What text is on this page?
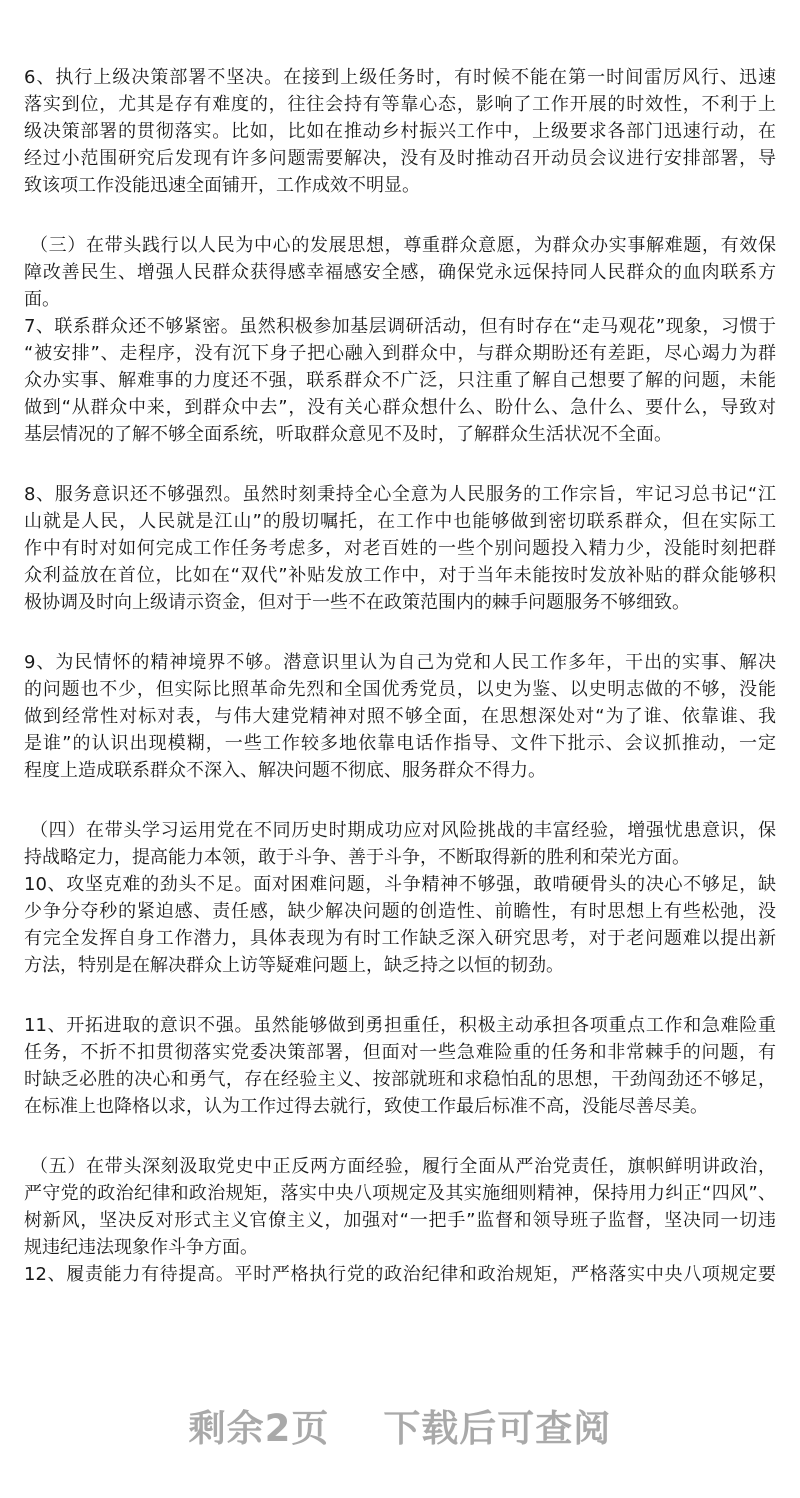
6、执行上级决策部署不坚决。在接到上级任务时，有时候不能在第一时间雷厉风行、迅速
落实到位，尤其是存有难度的，往往会持有等靠心态，影响了工作开展的时效性，不利于上
级决策部署的贯彻落实。比如，比如在推动乡村振兴工作中，上级要求各部门迅速行动，在
经过小范围研究后发现有许多问题需要解决，没有及时推动召开动员会议进行安排部署，导
致该项工作没能迅速全面铺开，工作成效不明显。
（三）在带头践行以人民为中心的发展思想，尊重群众意愿，为群众办实事解难题，有效保
障改善民生、增强人民群众获得感幸福感安全感，确保党永远保持同人民群众的血肉联系方
面。
7、联系群众还不够紧密。虽然积极参加基层调研活动，但有时存在“走马观花”现象，习惯于
“被安排”、走程序，没有沉下身子把心融入到群众中，与群众期盼还有差距，尽心竭力为群
众办实事、解难事的力度还不强，联系群众不广泛，只注重了解自己想要了解的问题，未能
做到“从群众中来，到群众中去”，没有关心群众想什么、盼什么、急什么、要什么，导致对
基层情况的了解不够全面系统，听取群众意见不及时，了解群众生活状况不全面。
8、服务意识还不够强烈。虽然时刻秉持全心全意为人民服务的工作宗旨，牢记习总书记“江
山就是人民，人民就是江山”的殷切嘱托，在工作中也能够做到密切联系群众，但在实际工
作中有时对如何完成工作任务考虑多，对老百姓的一些个别问题投入精力少，没能时刻把群
众利益放在首位，比如在“双代”补贴发放工作中，对于当年未能按时发放补贴的群众能够积
极协调及时向上级请示资金，但对于一些不在政策范围内的棘手问题服务不够细致。
9、为民情怀的精神境界不够。潜意识里认为自己为党和人民工作多年，干出的实事、解决
的问题也不少，但实际比照革命先烈和全国优秀党员，以史为鉴、以史明志做的不够，没能
做到经常性对标对表，与伟大建党精神对照不够全面，在思想深处对“为了谁、依靠谁、我
是谁”的认识出现模糊，一些工作较多地依靠电话作指导、文件下批示、会议抓推动，一定
程度上造成联系群众不深入、解决问题不彻底、服务群众不得力。
（四）在带头学习运用党在不同历史时期成功应对风险挑战的丰富经验，增强忧患意识，保
持战略定力，提高能力本领，敢于斗争、善于斗争，不断取得新的胜利和荣光方面。
10、攻坚克难的劲头不足。面对困难问题，斗争精神不够强，敢啃硬骨头的决心不够足，缺
少争分夺秒的紧迫感、责任感，缺少解决问题的创造性、前瞻性，有时思想上有些松弛，没
有完全发挥自身工作潜力，具体表现为有时工作缺乏深入研究思考，对于老问题难以提出新
方法，特别是在解决群众上访等疑难问题上，缺乏持之以恒的韧劲。
11、开拓进取的意识不强。虽然能够做到勇担重任，积极主动承担各项重点工作和急难险重
任务，不折不扣贯彻落实党委决策部署，但面对一些急难险重的任务和非常棘手的问题，有
时缺乏必胜的决心和勇气，存在经验主义、按部就班和求稳怕乱的思想，干劲闯劲还不够足，
在标准上也降格以求，认为工作过得去就行，致使工作最后标准不高，没能尽善尽美。
（五）在带头深刻汲取党史中正反两方面经验，履行全面从严治党责任，旗帜鲜明讲政治，
严守党的政治纪律和政治规矩，落实中央八项规定及其实施细则精神，保持用力纠正“四风”、
树新风，坚决反对形式主义官僚主义，加强对“一把手”监督和领导班子监督，坚决同一切违
规违纪违法现象作斗争方面。
12、履责能力有待提高。平时严格执行党的政治纪律和政治规矩，严格落实中央八项规定要
剩余2页 下载后可查阅
